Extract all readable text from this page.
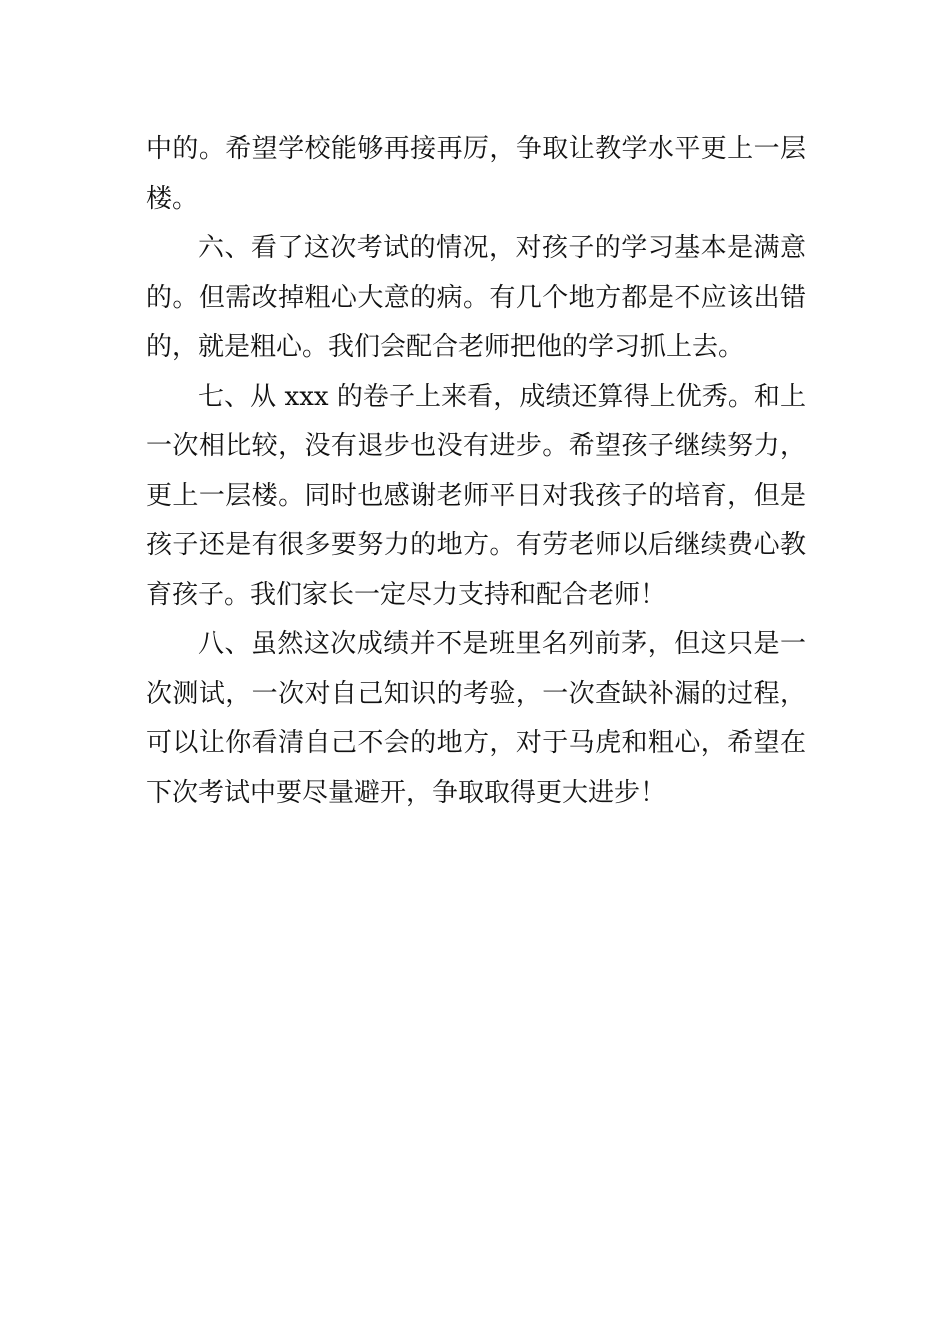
中的。希望学校能够再接再厉，争取让教学水平更上一层楼。

六、看了这次考试的情况，对孩子的学习基本是满意的。但需改掉粗心大意的病。有几个地方都是不应该出错的，就是粗心。我们会配合老师把他的学习抓上去。

七、从 xxx 的卷子上来看，成绩还算得上优秀。和上一次相比较，没有退步也没有进步。希望孩子继续努力，更上一层楼。同时也感谢老师平日对我孩子的培育，但是孩子还是有很多要努力的地方。有劳老师以后继续费心教育孩子。我们家长一定尽力支持和配合老师！

八、虽然这次成绩并不是班里名列前茅，但这只是一次测试，一次对自己知识的考验，一次查缺补漏的过程，可以让你看清自己不会的地方，对于马虎和粗心，希望在下次考试中要尽量避开，争取取得更大进步！
